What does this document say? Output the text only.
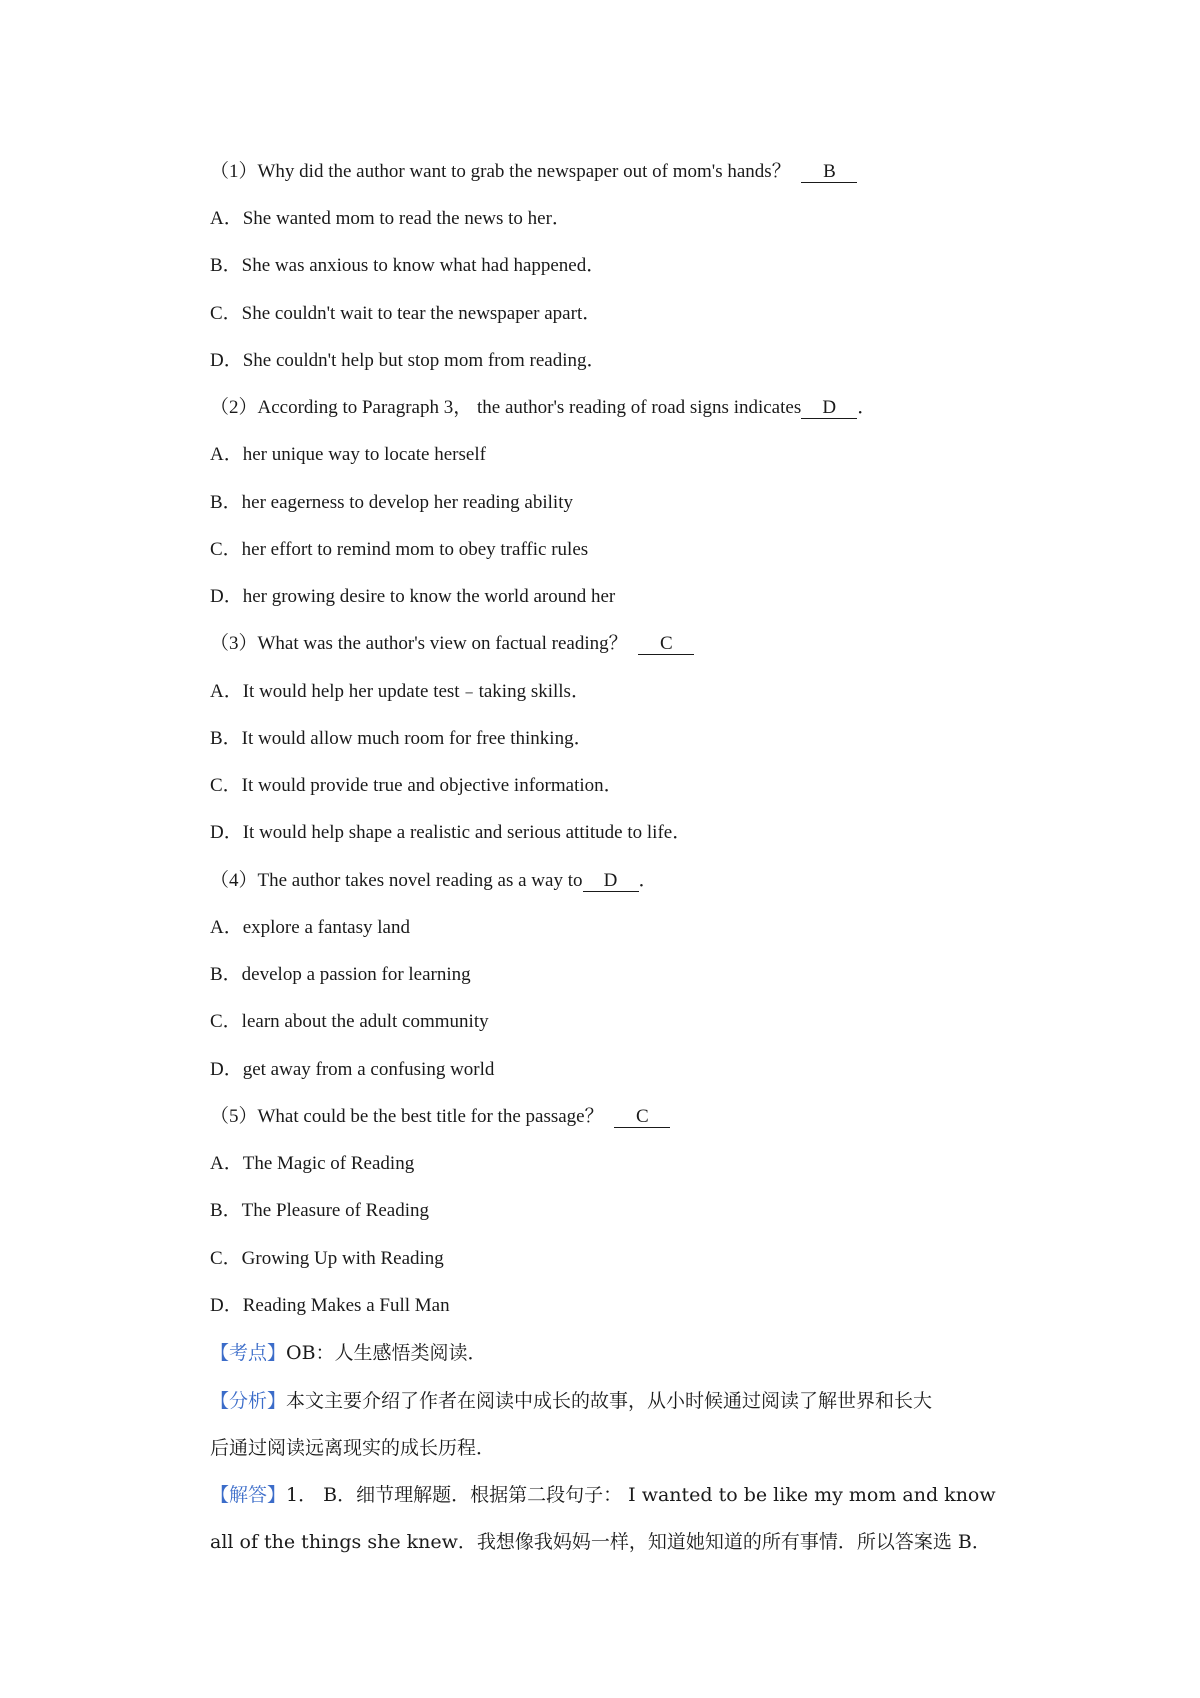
（1）Why did the author want to grab the newspaper out of mom's hands？ B
A．She wanted mom to read the news to her．
B．She was anxious to know what had happened．
C．She couldn't wait to tear the newspaper apart．
D．She couldn't help but stop mom from reading．
（2）According to Paragraph 3， the author's reading of road signs indicates D ．
A．her unique way to locate herself
B．her eagerness to develop her reading ability
C．her effort to remind mom to obey traffic rules
D．her growing desire to know the world around her
（3）What was the author's view on factual reading？ C
A．It would help her update test﹣taking skills．
B．It would allow much room for free thinking．
C．It would provide true and objective information．
D．It would help shape a realistic and serious attitude to life．
（4）The author takes novel reading as a way to D ．
A．explore a fantasy land
B．develop a passion for learning
C．learn about the adult community
D．get away from a confusing world
（5）What could be the best title for the passage？ C
A．The Magic of Reading
B．The Pleasure of Reading
C．Growing Up with Reading
D．Reading Makes a Full Man
【考点】OB：人生感悟类阅读．
【分析】本文主要介绍了作者在阅读中成长的故事，从小时候通过阅读了解世界和长大
后通过阅读远离现实的成长历程．
【解答】1． B．细节理解题．根据第二段句子： I wanted to be like my mom and know
all of the things she knew．我想像我妈妈一样，知道她知道的所有事情．所以答案选 B．
